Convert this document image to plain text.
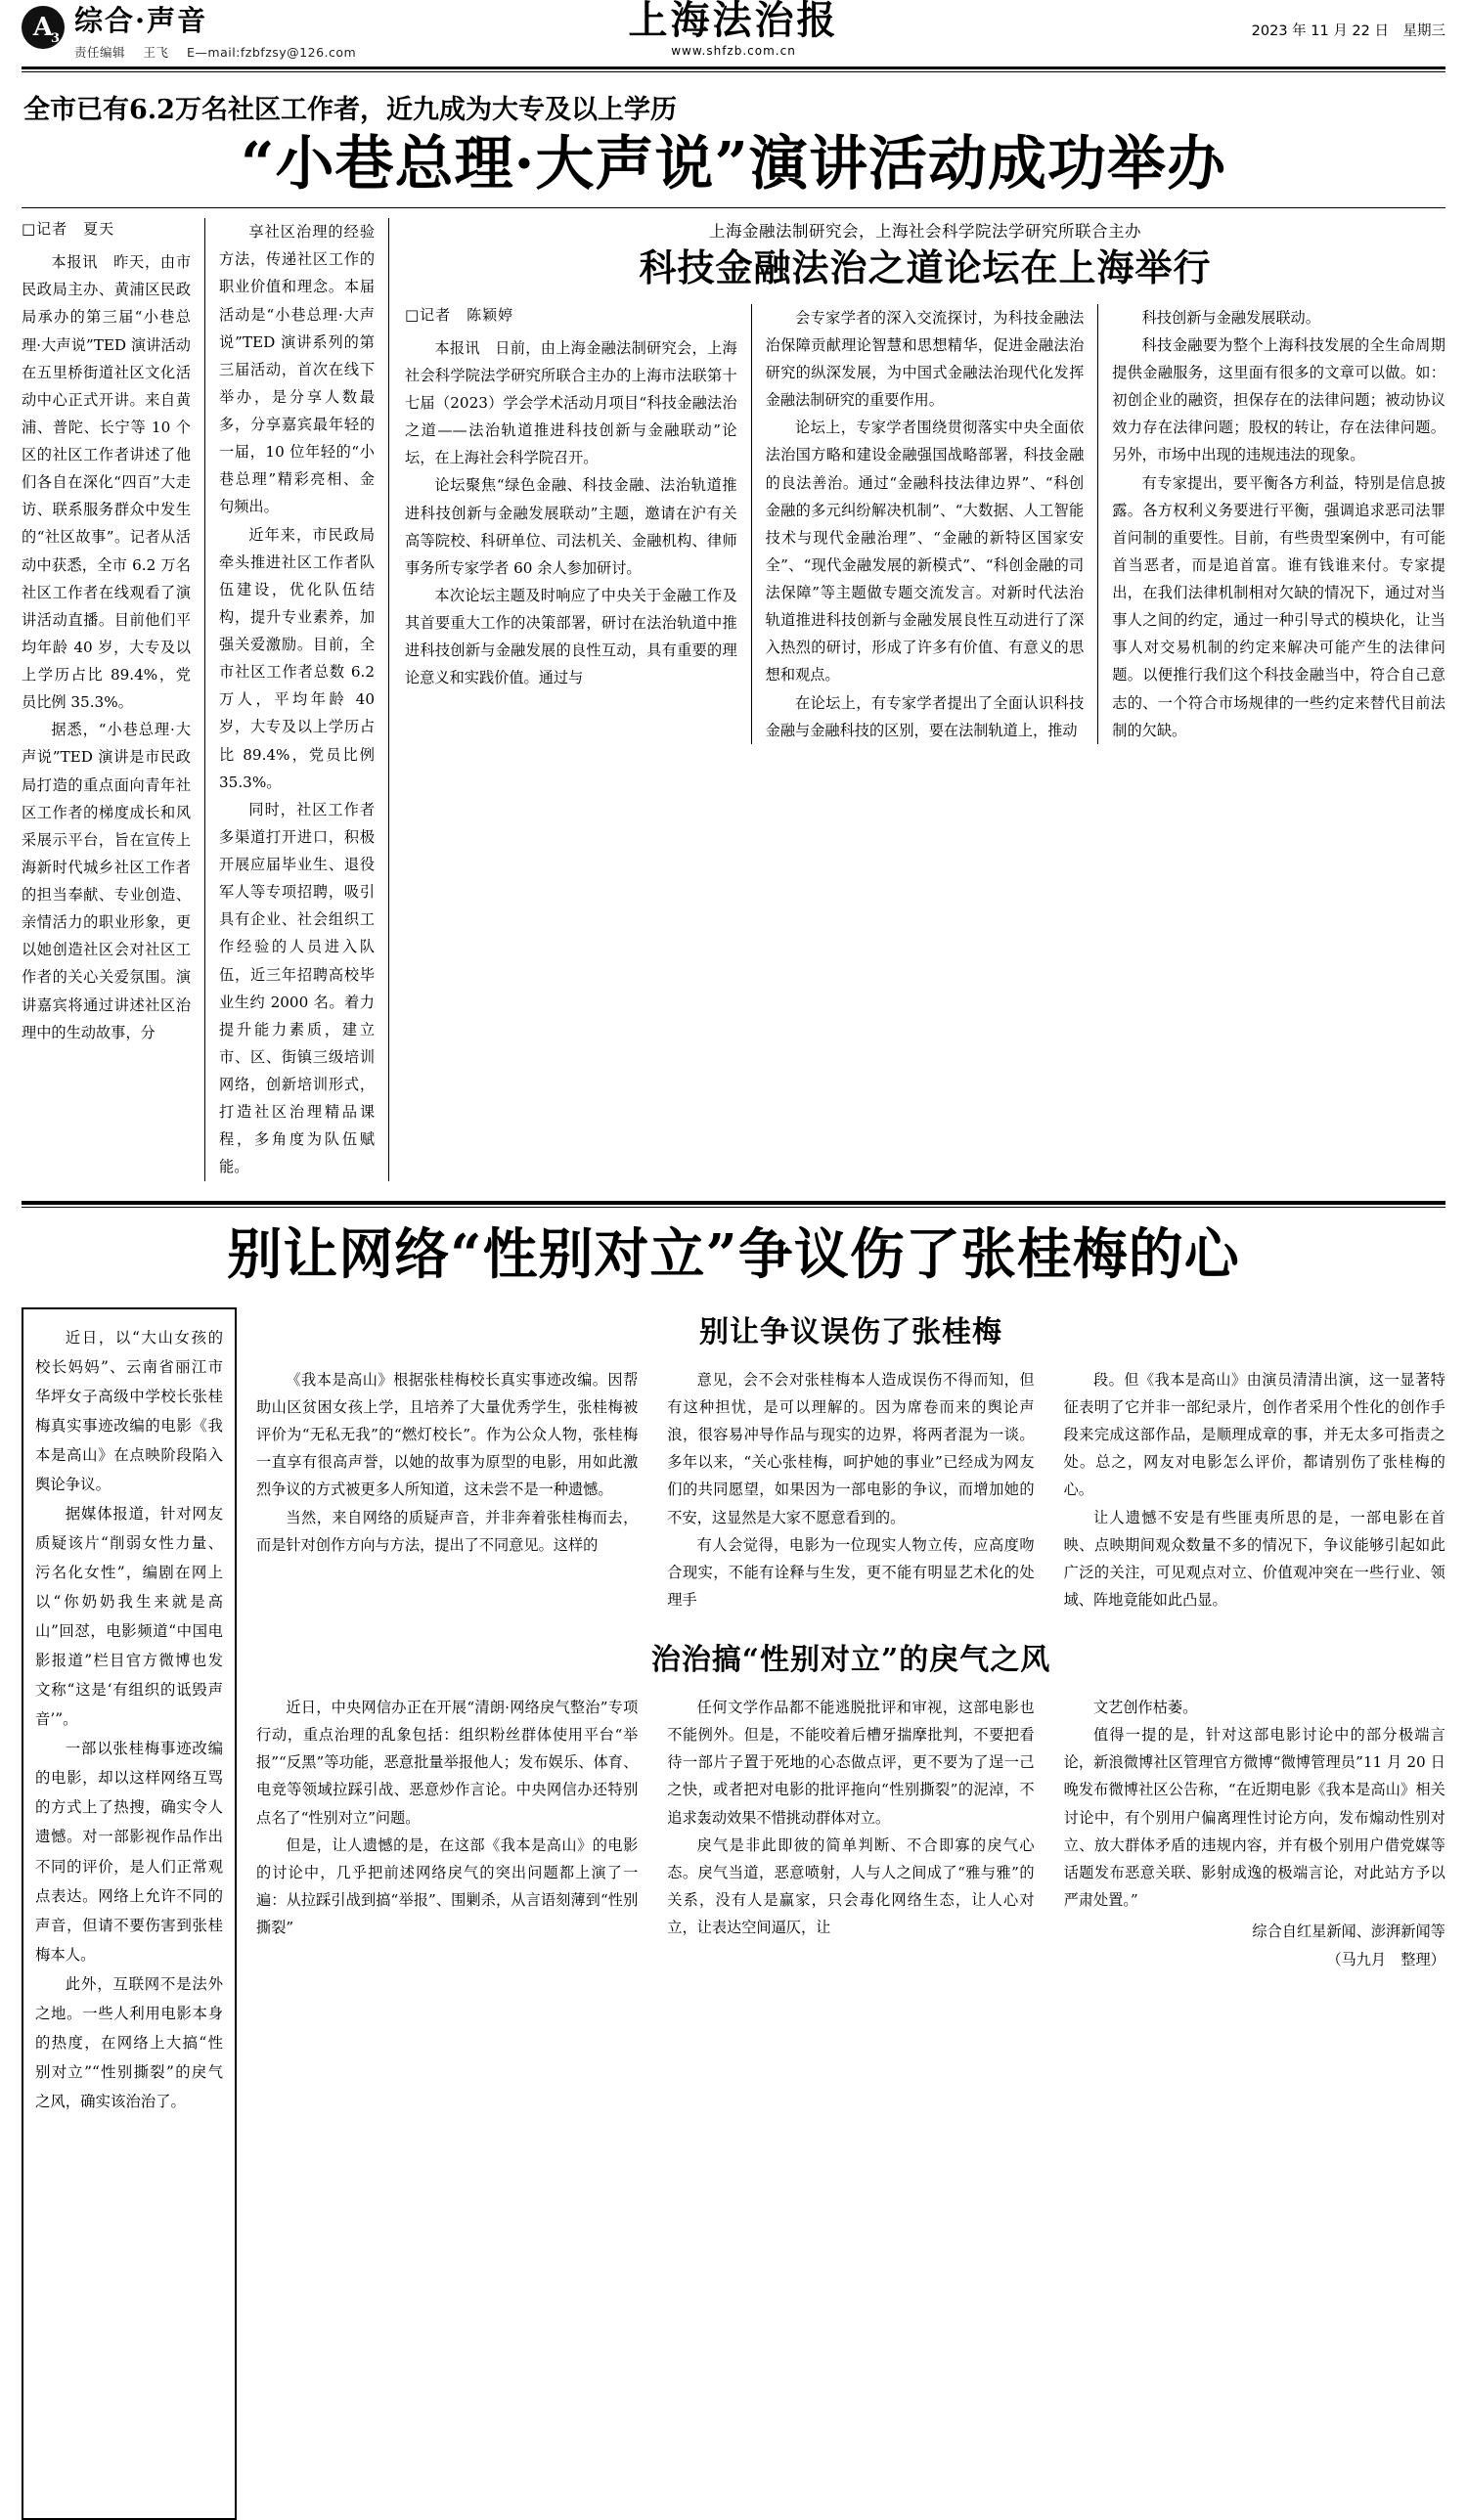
A
3
综合·声音
责任编辑 王飞 E—mail:fzbfzsy@126.com
上海法治报
www.shfzb.com.cn
2023 年 11 月 22 日　星期三
全市已有6.2万名社区工作者，近九成为大专及以上学历
“小巷总理·大声说”演讲活动成功举办
□记者　夏天

本报讯　昨天，由市民政局主办、黄浦区民政局承办的第三届“小巷总理·大声说”TED 演讲活动在五里桥街道社区文化活动中心正式开讲。来自黄浦、普陀、长宁等 10 个区的社区工作者讲述了他们各自在深化“四百”大走访、联系服务群众中发生的“社区故事”。记者从活动中获悉，全市 6.2 万名社区工作者在线观看了演讲活动直播。目前他们平均年龄 40 岁，大专及以上学历占比 89.4%，党员比例 35.3%。

据悉，“小巷总理·大声说”TED 演讲是市民政局打造的重点面向青年社区工作者的梯度成长和风采展示平台，旨在宣传上海新时代城乡社区工作者的担当奉献、专业创造、亲情活力的职业形象，更以她创造社区会对社区工作者的关心关爱氛围。演讲嘉宾将通过讲述社区治理中的生动故事，分

享社区治理的经验方法，传递社区工作的职业价值和理念。本届活动是“小巷总理·大声说”TED 演讲系列的第三届活动，首次在线下举办，是分享人数最多，分享嘉宾最年轻的一届，10 位年轻的“小巷总理”精彩亮相、金句频出。

近年来，市民政局牵头推进社区工作者队伍建设，优化队伍结构，提升专业素养，加强关爱激励。目前，全市社区工作者总数 6.2 万人，平均年龄 40 岁，大专及以上学历占比 89.4%，党员比例 35.3%。

同时，社区工作者多渠道打开进口，积极开展应届毕业生、退役军人等专项招聘，吸引具有企业、社会组织工作经验的人员进入队伍，近三年招聘高校毕业生约 2000 名。着力提升能力素质，建立市、区、街镇三级培训网络，创新培训形式，打造社区治理精品课程，多角度为队伍赋能。

上海金融法制研究会，上海社会科学院法学研究所联合主办
科技金融法治之道论坛在上海举行
□记者　陈颖婷

本报讯　日前，由上海金融法制研究会，上海社会科学院法学研究所联合主办的上海市法联第十七届（2023）学会学术活动月项目“科技金融法治之道——法治轨道推进科技创新与金融联动”论坛，在上海社会科学院召开。

论坛聚焦“绿色金融、科技金融、法治轨道推进科技创新与金融发展联动”主题，邀请在沪有关高等院校、科研单位、司法机关、金融机构、律师事务所专家学者 60 余人参加研讨。

本次论坛主题及时响应了中央关于金融工作及其首要重大工作的决策部署，研讨在法治轨道中推进科技创新与金融发展的良性互动，具有重要的理论意义和实践价值。通过与

会专家学者的深入交流探讨，为科技金融法治保障贡献理论智慧和思想精华，促进金融法治研究的纵深发展，为中国式金融法治现代化发挥金融法制研究的重要作用。

论坛上，专家学者围绕贯彻落实中央全面依法治国方略和建设金融强国战略部署，科技金融的良法善治。通过“金融科技法律边界”、“科创金融的多元纠纷解决机制”、“大数据、人工智能技术与现代金融治理”、“金融的新特区国家安全”、“现代金融发展的新模式”、“科创金融的司法保障”等主题做专题交流发言。对新时代法治轨道推进科技创新与金融发展良性互动进行了深入热烈的研讨，形成了许多有价值、有意义的思想和观点。

在论坛上，有专家学者提出了全面认识科技金融与金融科技的区别，要在法制轨道上，推动

科技创新与金融发展联动。

科技金融要为整个上海科技发展的全生命周期提供金融服务，这里面有很多的文章可以做。如：初创企业的融资，担保存在的法律问题；被动协议效力存在法律问题；股权的转让，存在法律问题。另外，市场中出现的违规违法的现象。

有专家提出，要平衡各方利益，特别是信息披露。各方权利义务要进行平衡，强调追求恶司法罪首问制的重要性。目前，有些贵型案例中，有可能首当恶者，而是追首富。谁有钱谁来付。专家提出，在我们法律机制相对欠缺的情况下，通过对当事人之间的约定，通过一种引导式的模块化，让当事人对交易机制的约定来解决可能产生的法律问题。以便推行我们这个科技金融当中，符合自己意志的、一个符合市场规律的一些约定来替代目前法制的欠缺。

别让网络“性别对立”争议伤了张桂梅的心

近日，以“大山女孩的校长妈妈”、云南省丽江市华坪女子高级中学校长张桂梅真实事迹改编的电影《我本是高山》在点映阶段陷入舆论争议。

据媒体报道，针对网友质疑该片“削弱女性力量、污名化女性”，编剧在网上以“你奶奶我生来就是高山”回怼，电影频道“中国电影报道”栏目官方微博也发文称“这是‘有组织的诋毁声音’”。

一部以张桂梅事迹改编的电影，却以这样网络互骂的方式上了热搜，确实令人遗憾。对一部影视作品作出不同的评价，是人们正常观点表达。网络上允许不同的声音，但请不要伤害到张桂梅本人。

此外，互联网不是法外之地。一些人利用电影本身的热度，在网络上大搞“性别对立”“性别撕裂”的戾气之风，确实该治治了。

别让争议误伤了张桂梅

《我本是高山》根据张桂梅校长真实事迹改编。因帮助山区贫困女孩上学，且培养了大量优秀学生，张桂梅被评价为“无私无我”的“燃灯校长”。作为公众人物，张桂梅一直享有很高声誉，以她的故事为原型的电影，用如此激烈争议的方式被更多人所知道，这未尝不是一种遗憾。

当然，来自网络的质疑声音，并非奔着张桂梅而去，而是针对创作方向与方法，提出了不同意见。这样的

意见，会不会对张桂梅本人造成误伤不得而知，但有这种担忧，是可以理解的。因为席卷而来的舆论声浪，很容易冲导作品与现实的边界，将两者混为一谈。多年以来，“关心张桂梅，呵护她的事业”已经成为网友们的共同愿望，如果因为一部电影的争议，而增加她的不安，这显然是大家不愿意看到的。

有人会觉得，电影为一位现实人物立传，应高度吻合现实，不能有诠释与生发，更不能有明显艺术化的处理手

段。但《我本是高山》由演员清清出演，这一显著特征表明了它并非一部纪录片，创作者采用个性化的创作手段来完成这部作品，是顺理成章的事，并无太多可指责之处。总之，网友对电影怎么评价，都请别伤了张桂梅的心。

让人遗憾不安是有些匪夷所思的是，一部电影在首映、点映期间观众数量不多的情况下，争议能够引起如此广泛的关注，可见观点对立、价值观冲突在一些行业、领域、阵地竟能如此凸显。

治治搞“性别对立”的戾气之风

近日，中央网信办正在开展“清朗·网络戾气整治”专项行动，重点治理的乱象包括：组织粉丝群体使用平台“举报”“反黑”等功能，恶意批量举报他人；发布娱乐、体育、电竞等领域拉踩引战、恶意炒作言论。中央网信办还特别点名了“性别对立”问题。

但是，让人遗憾的是，在这部《我本是高山》的电影的讨论中，几乎把前述网络戾气的突出问题都上演了一遍：从拉踩引战到搞“举报”、围剿杀，从言语刻薄到“性别撕裂”

任何文学作品都不能逃脱批评和审视，这部电影也不能例外。但是，不能咬着后槽牙揣摩批判，不要把看待一部片子置于死地的心态做点评，更不要为了逞一己之快，或者把对电影的批评拖向“性别撕裂”的泥淖，不追求轰动效果不惜挑动群体对立。

戾气是非此即彼的简单判断、不合即寡的戾气心态。戾气当道，恶意喷射，人与人之间成了“雅与雅”的关系，没有人是赢家，只会毒化网络生态，让人心对立，让表达空间逼仄，让

文艺创作枯萎。

值得一提的是，针对这部电影讨论中的部分极端言论，新浪微博社区管理官方微博“微博管理员”11 月 20 日晚发布微博社区公告称，“在近期电影《我本是高山》相关讨论中，有个别用户偏离理性讨论方向，发布煽动性别对立、放大群体矛盾的违规内容，并有极个别用户借党媒等话题发布恶意关联、影射成逸的极端言论，对此站方予以严肃处置。”

综合自红星新闻、澎湃新闻等
（马九月　整理）
